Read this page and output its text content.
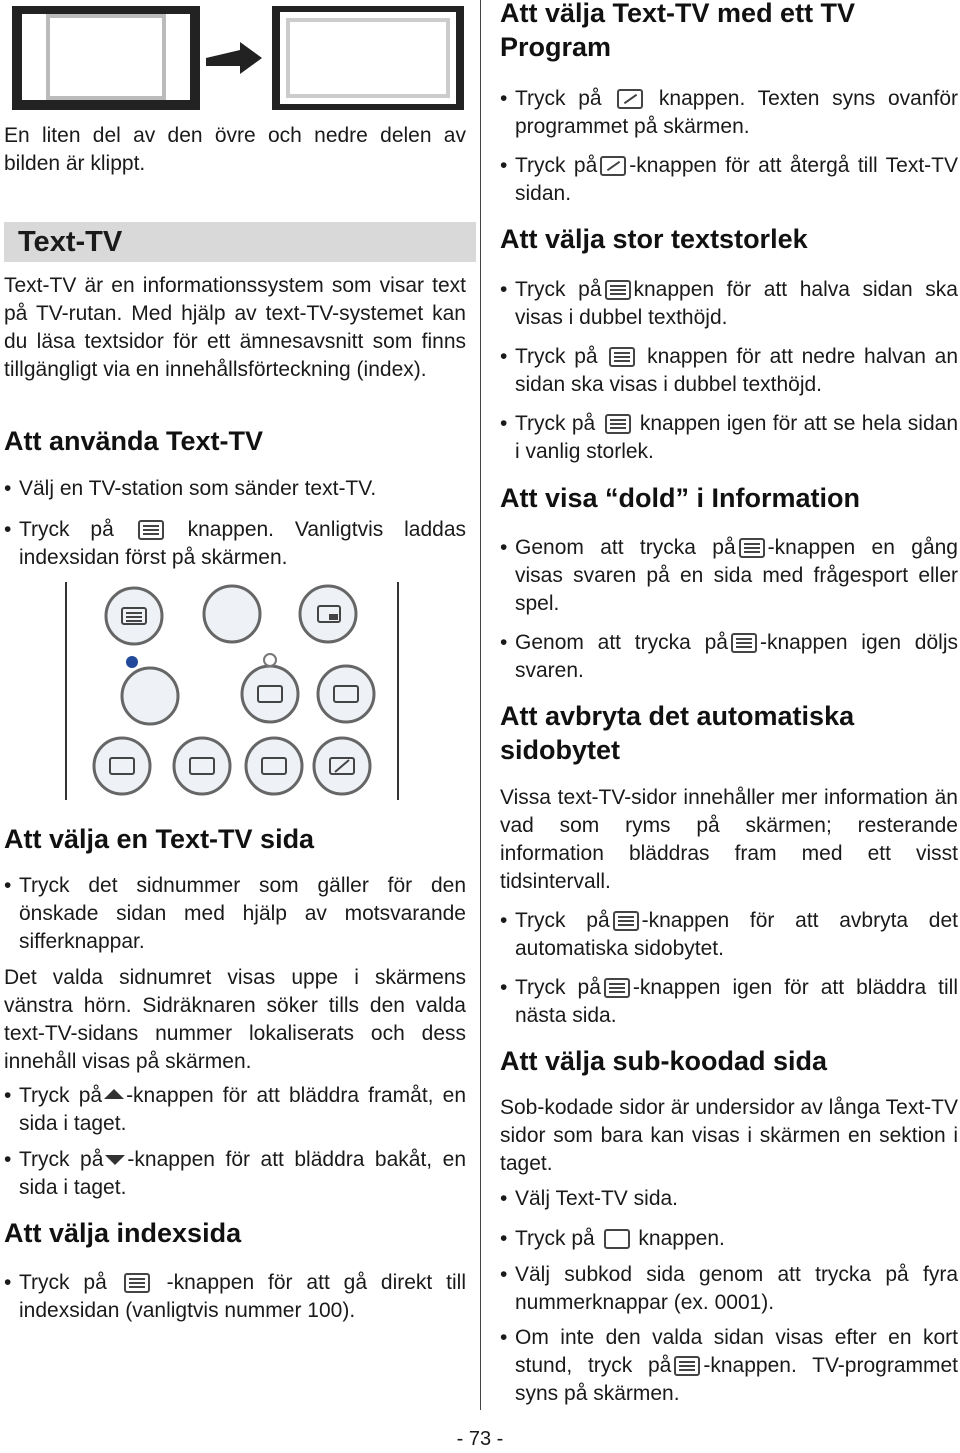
En liten del av den övre och nedre delen av bilden är klippt.

Text-TV

Text-TV är en informationssystem som visar text på TV-rutan. Med hjälp av text-TV-systemet kan du läsa textsidor för ett ämnesavsnitt som finns tillgängligt via en innehållsförteckning (index).

Att använda Text-TV

• Välj en TV-station som sänder text-TV.

• Tryck på	knappen. Vanligtvis laddas indexsidan först på skärmen.

Att välja en Text-TV sida

• Tryck det sidnummer som gäller för den önskade sidan med hjälp av motsvarande sifferknappar.

Det valda sidnumret visas uppe i skärmens vänstra hörn. Sidräknaren söker tills den valda text-TV-sidans nummer lokaliserats och dess innehåll visas på skärmen.

• Tryck på -knappen för att bläddra framåt, en sida i taget.

• Tryck på -knappen för att bläddra bakåt, en sida i taget.

Att välja indexsida

• Tryck på	-knappen för att gå direkt till indexsidan (vanligtvis nummer 100).

Att välja Text-TV med ett TV Program

• Tryck på	knappen. Texten syns ovanför programmet på skärmen.

• Tryck på -knappen för att återgå till Text-TV sidan.

Att välja stor textstorlek

• Tryck på knappen för att halva sidan ska visas i dubbel texthöjd.

• Tryck på knappen för att nedre halvan an sidan ska visas i dubbel texthöjd.

• Tryck på knappen igen för att se hela sidan i vanlig storlek.

Att visa “dold” i Information

• Genom att trycka på -knappen en gång visas svaren på en sida med frågesport eller spel.

• Genom att trycka på -knappen igen döljs svaren.

Att avbryta det automatiska sidobytet

Vissa text-TV-sidor innehåller mer information än vad som ryms på skärmen; resterande information bläddras fram med ett visst tidsintervall.

• Tryck på -knappen för att avbryta det automatiska sidobytet.

• Tryck på -knappen igen för att bläddra till nästa sida.

Att välja sub-koodad sida

Sob-kodade sidor är undersidor av långa Text-TV sidor som bara kan visas i skärmen en sektion i taget.

• Välj Text-TV sida.

• Tryck på knappen.

• Välj subkod sida genom att trycka på fyra nummerknappar (ex. 0001).

• Om inte den valda sidan visas efter en kort stund, tryck på -knappen. TV-programmet syns på skärmen.

- 73 -
